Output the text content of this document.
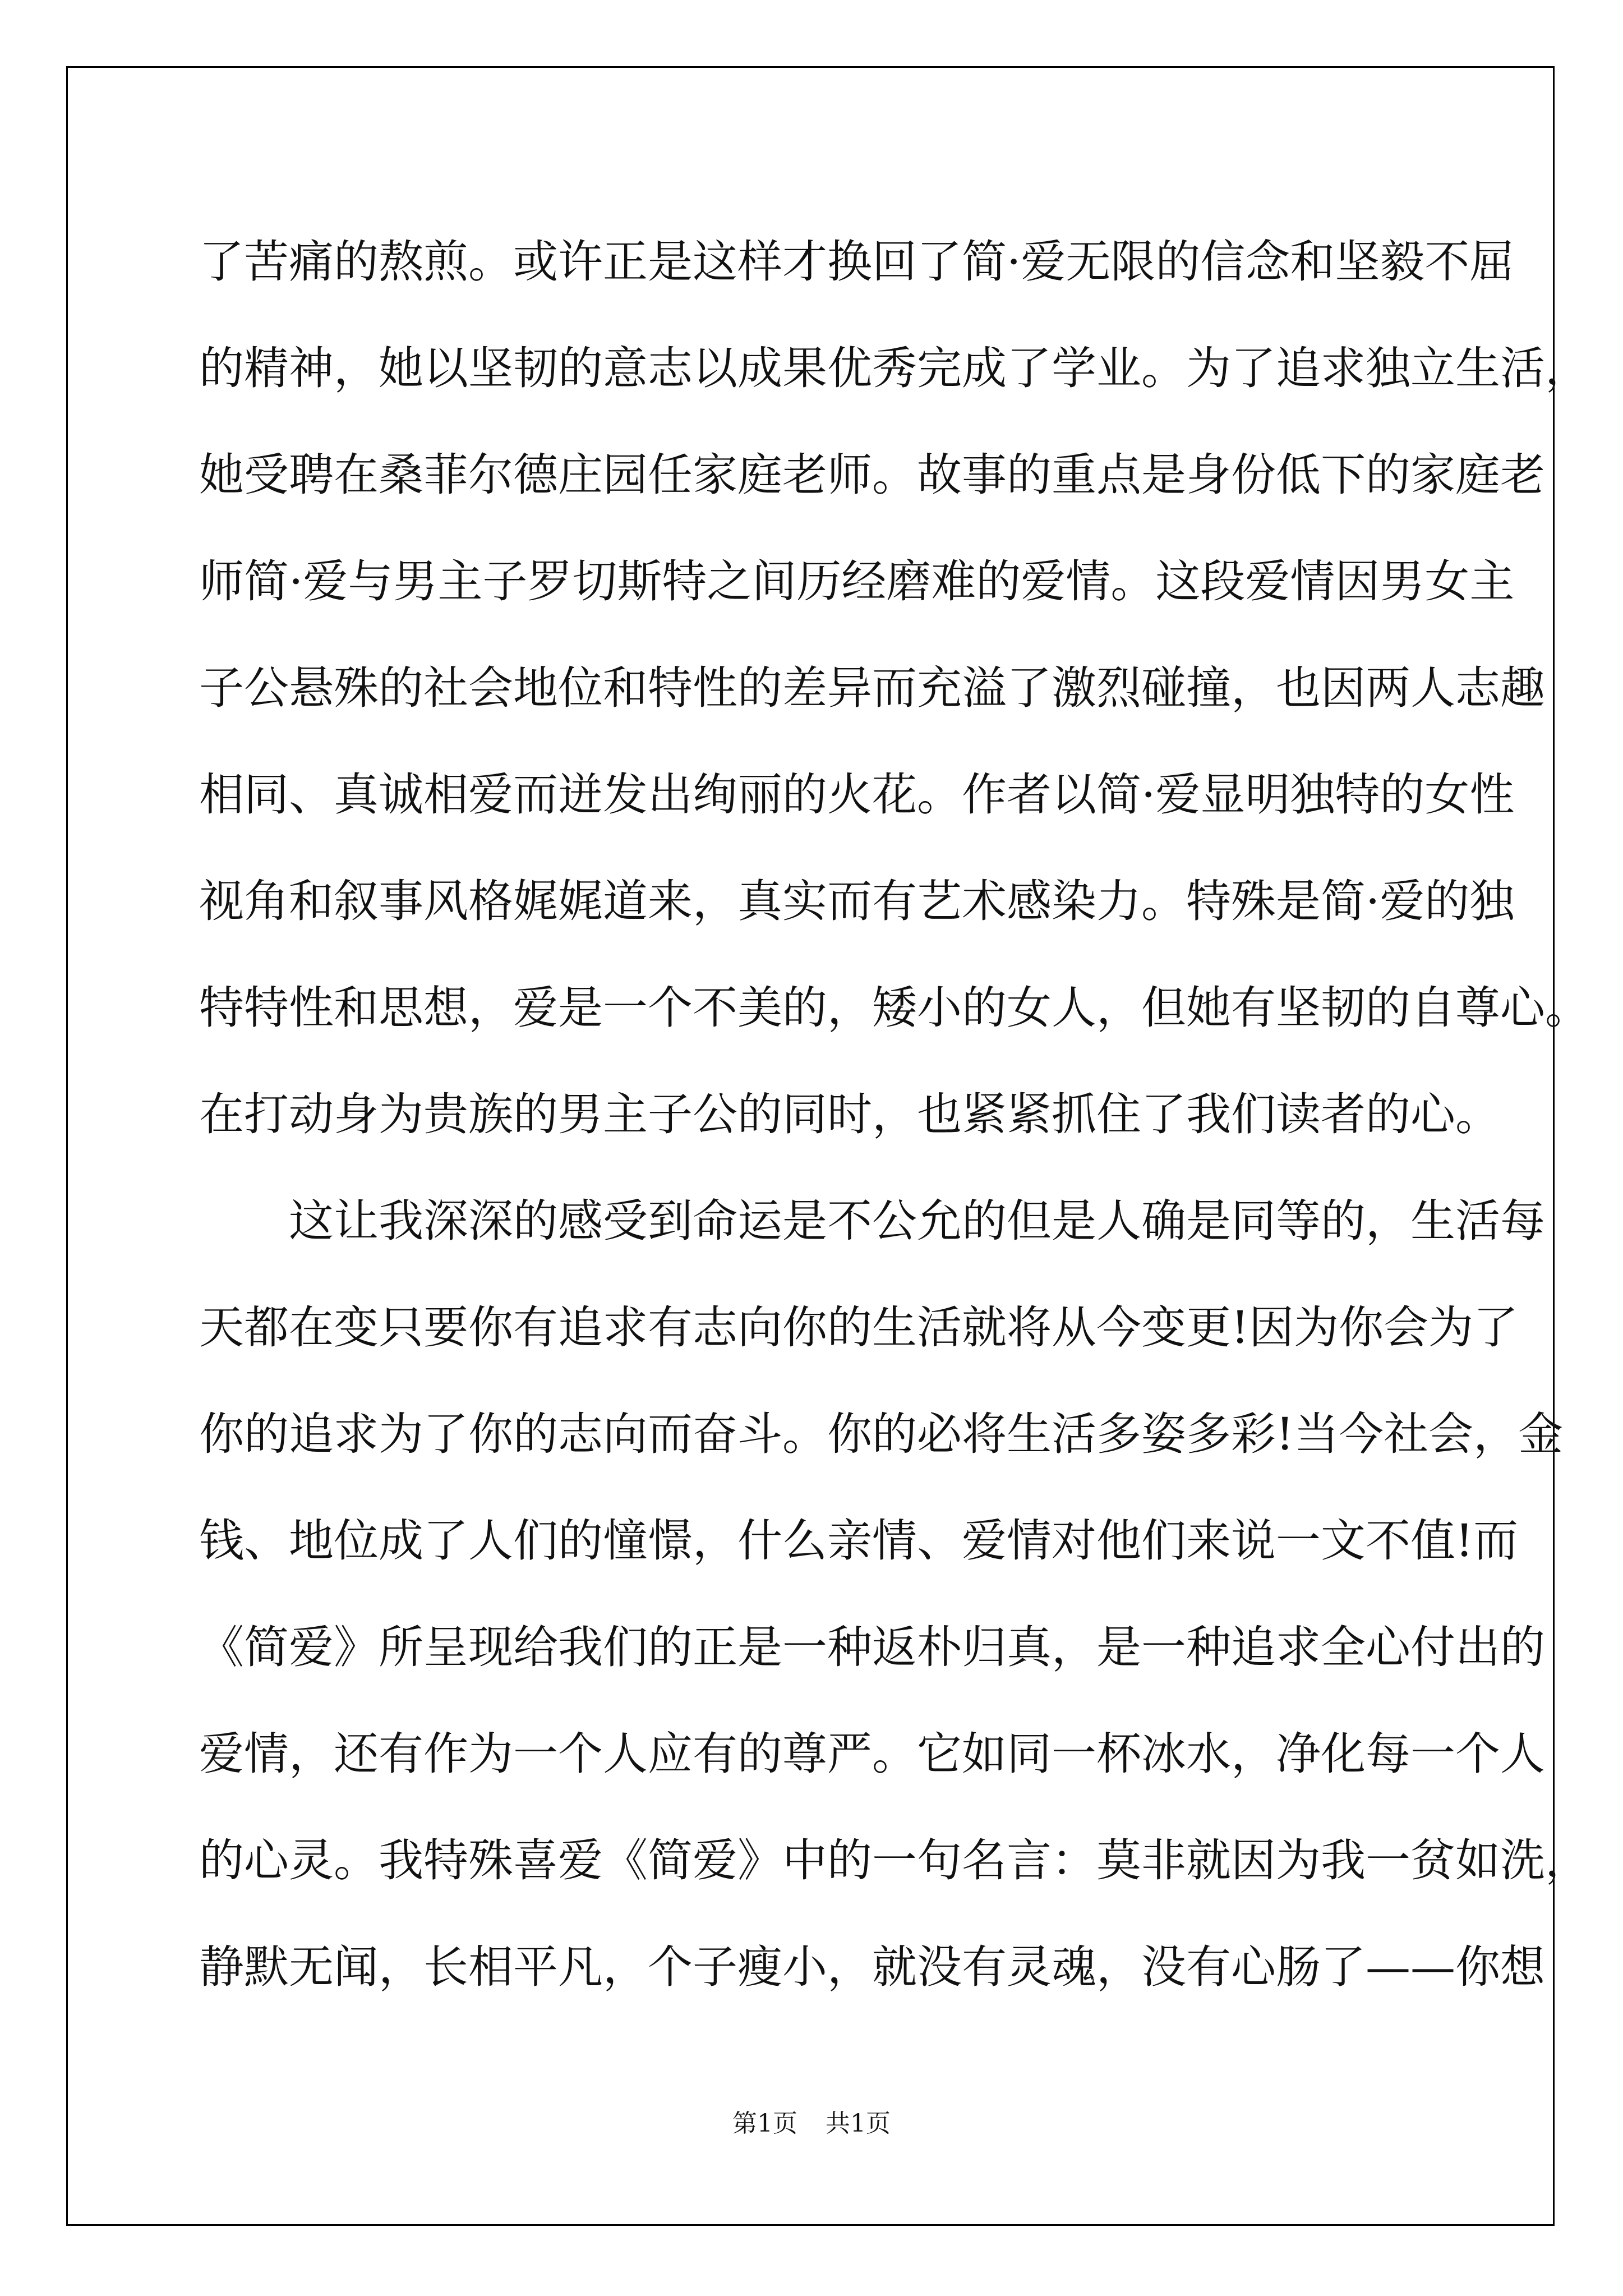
了苦痛的熬煎。或许正是这样才换回了简·爱无限的信念和坚毅不屈
的精神，她以坚韧的意志以成果优秀完成了学业。为了追求独立生活，
她受聘在桑菲尔德庄园任家庭老师。故事的重点是身份低下的家庭老
师简·爱与男主子罗切斯特之间历经磨难的爱情。这段爱情因男女主
子公悬殊的社会地位和特性的差异而充溢了激烈碰撞，也因两人志趣
相同、真诚相爱而迸发出绚丽的火花。作者以简·爱显明独特的女性
视角和叙事风格娓娓道来，真实而有艺术感染力。特殊是简·爱的独
特特性和思想，爱是一个不美的，矮小的女人，但她有坚韧的自尊心。
在打动身为贵族的男主子公的同时，也紧紧抓住了我们读者的心。
这让我深深的感受到命运是不公允的但是人确是同等的，生活每
天都在变只要你有追求有志向你的生活就将从今变更!因为你会为了
你的追求为了你的志向而奋斗。你的必将生活多姿多彩!当今社会，金
钱、地位成了人们的憧憬，什么亲情、爱情对他们来说一文不值!而
《简爱》所呈现给我们的正是一种返朴归真，是一种追求全心付出的
爱情，还有作为一个人应有的尊严。它如同一杯冰水，净化每一个人
的心灵。我特殊喜爱《简爱》中的一句名言：莫非就因为我一贫如洗，
静默无闻，长相平凡，个子瘦小，就没有灵魂，没有心肠了——你想
第1页 共1页
